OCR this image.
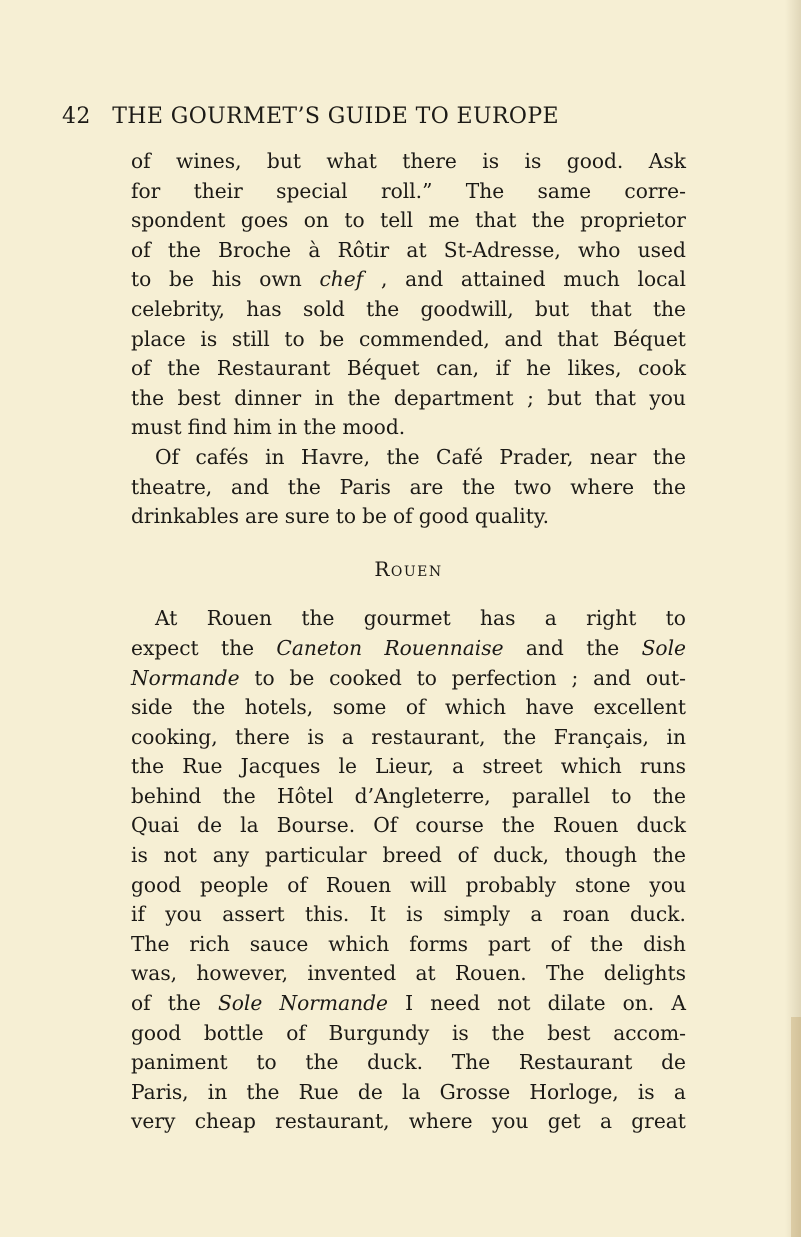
42 THE GOURMET’S GUIDE TO EUROPE
of wines, but what there is is good. Ask
for their special roll.” The same corre-
spondent goes on to tell me that the proprietor
of the Broche à Rôtir at St-Adresse, who used
to be his own chef , and attained much local
celebrity, has sold the goodwill, but that the
place is still to be commended, and that Béquet
of the Restaurant Béquet can, if he likes, cook
the best dinner in the department ; but that you
must find him in the mood.
Of cafés in Havre, the Café Prader, near the
theatre, and the Paris are the two where the
drinkables are sure to be of good quality.
Rouen
At Rouen the gourmet has a right to
expect the Caneton Rouennaise and the Sole
Normande to be cooked to perfection ; and out-
side the hotels, some of which have excellent
cooking, there is a restaurant, the Français, in
the Rue Jacques le Lieur, a street which runs
behind the Hôtel d’Angleterre, parallel to the
Quai de la Bourse. Of course the Rouen duck
is not any particular breed of duck, though the
good people of Rouen will probably stone you
if you assert this. It is simply a roan duck.
The rich sauce which forms part of the dish
was, however, invented at Rouen. The delights
of the Sole Normande I need not dilate on. A
good bottle of Burgundy is the best accom-
paniment to the duck. The Restaurant de
Paris, in the Rue de la Grosse Horloge, is a
very cheap restaurant, where you get a great
